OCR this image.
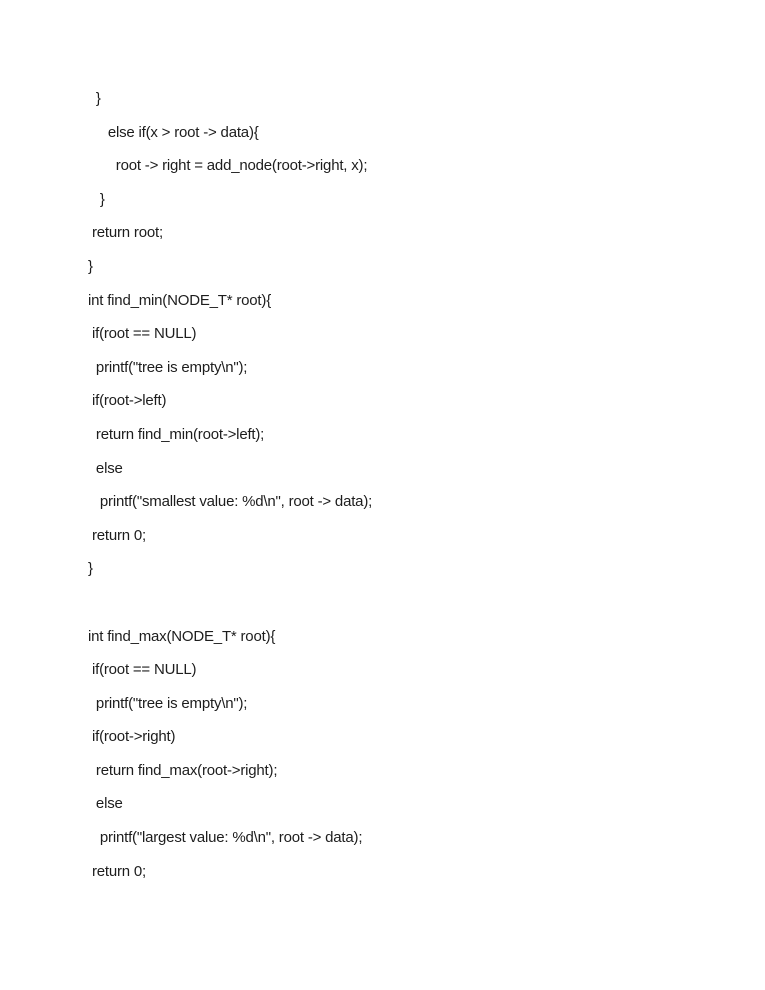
}
else if(x > root -> data){
root -> right = add_node(root->right, x);
}
return root;
}
int find_min(NODE_T* root){
if(root == NULL)
printf("tree is empty\n");
if(root->left)
return find_min(root->left);
else
printf("smallest value: %d\n", root -> data);
return 0;
}
int find_max(NODE_T* root){
if(root == NULL)
printf("tree is empty\n");
if(root->right)
return find_max(root->right);
else
printf("largest value: %d\n", root -> data);
return 0;
